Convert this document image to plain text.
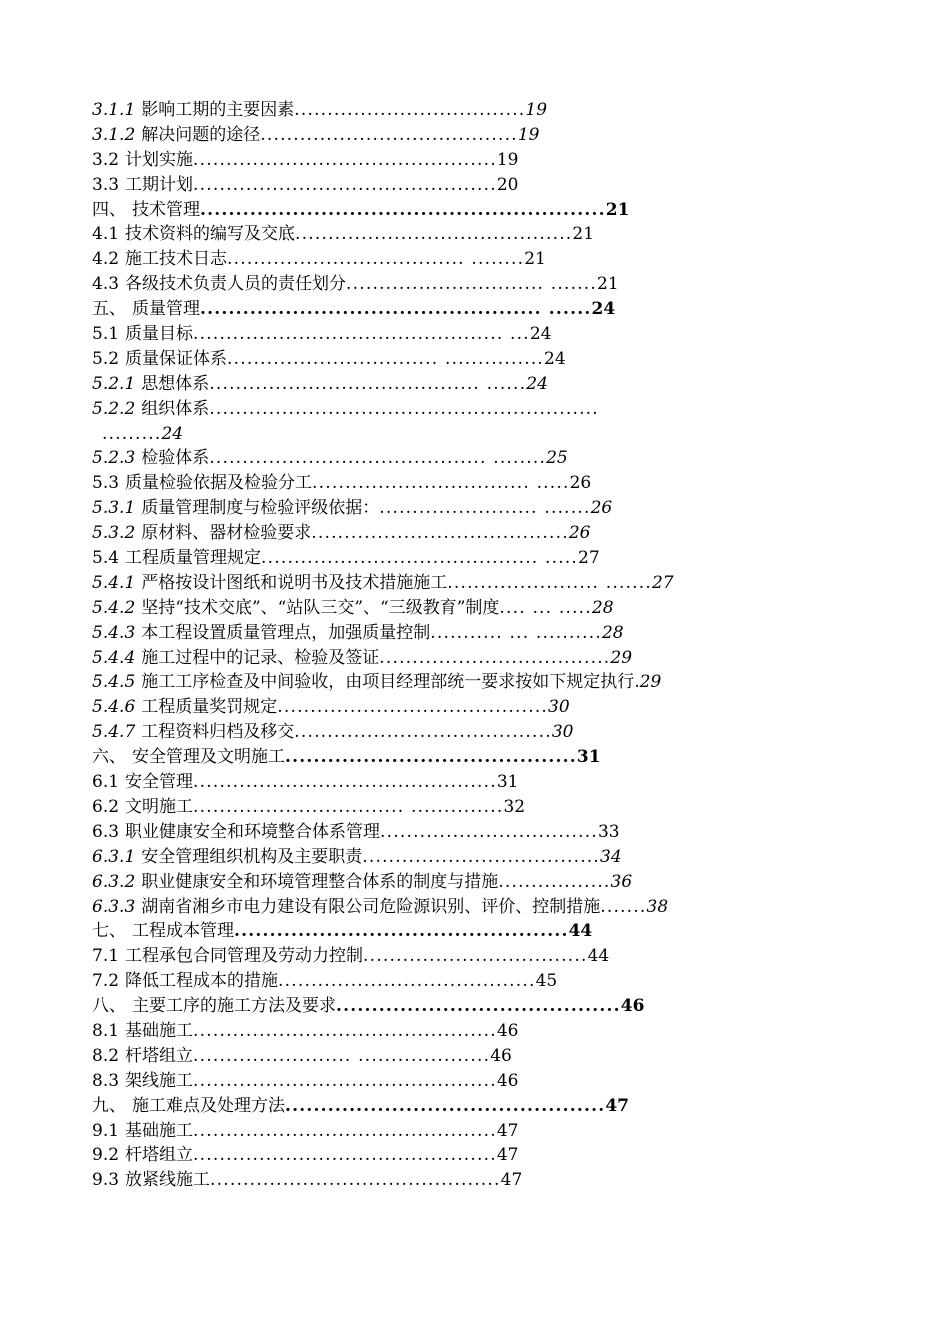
3.1.1 影响工期的主要因素...................................19
3.1.2 解决问题的途径.......................................19
3.2 计划实施..............................................19
3.3 工期计划..............................................20
四、 技术管理.........................................................21
4.1 技术资料的编写及交底..........................................21
4.2 施工技术日志.................................... ........21
4.3 各级技术负责人员的责任划分.............................. .......21
五、 质量管理................................................ ......24
5.1 质量目标............................................... ...24
5.2 质量保证体系................................ ...............24
5.2.1 思想体系......................................... ......24
5.2.2 组织体系...........................................................
.........24
5.2.3 检验体系.......................................... ........25
5.3 质量检验依据及检验分工................................. .....26
5.3.1 质量管理制度与检验评级依据：........................ .......26
5.3.2 原材料、器材检验要求.......................................26
5.4 工程质量管理规定.......................................... .....27
5.4.1 严格按设计图纸和说明书及技术措施施工....................... .......27
5.4.2 坚持“技术交底”、“站队三交”、“三级教育”制度.... ... .....28
5.4.3 本工程设置质量管理点，加强质量控制........... ... ..........28
5.4.4 施工过程中的记录、检验及签证...................................29
5.4.5 施工工序检查及中间验收，由项目经理部统一要求按如下规定执行.29
5.4.6 工程质量奖罚规定.........................................30
5.4.7 工程资料归档及移交.......................................30
六、 安全管理及文明施工.........................................31
6.1 安全管理..............................................31
6.2 文明施工................................ ..............32
6.3 职业健康安全和环境整合体系管理.................................33
6.3.1 安全管理组织机构及主要职责....................................34
6.3.2 职业健康安全和环境管理整合体系的制度与措施.................36
6.3.3 湖南省湘乡市电力建设有限公司危险源识别、评价、控制措施.......38
七、 工程成本管理...............................................44
7.1 工程承包合同管理及劳动力控制..................................44
7.2 降低工程成本的措施.......................................45
八、 主要工序的施工方法及要求........................................46
8.1 基础施工..............................................46
8.2 杆塔组立........................ ....................46
8.3 架线施工..............................................46
九、 施工难点及处理方法.............................................47
9.1 基础施工..............................................47
9.2 杆塔组立..............................................47
9.3 放紧线施工............................................47
